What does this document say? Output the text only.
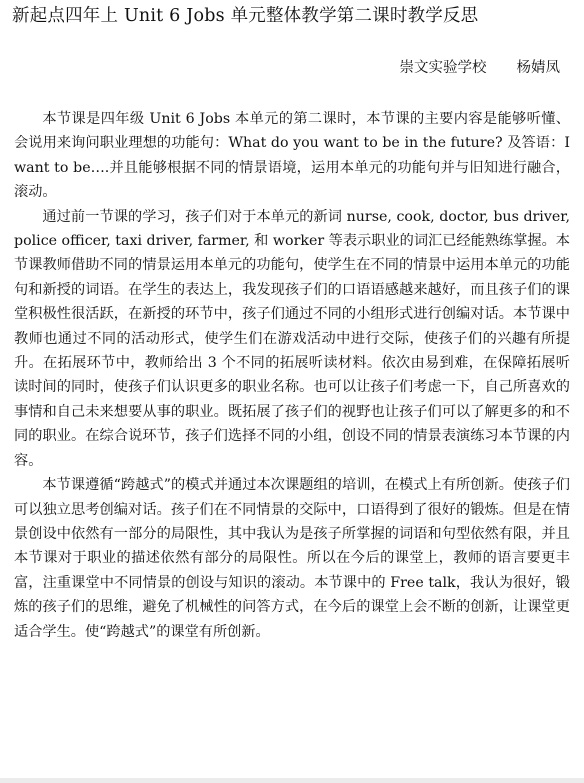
新起点四年上 Unit 6 Jobs 单元整体教学第二课时教学反思
崇文实验学校 杨婧凤

本节课是四年级 Unit 6 Jobs 本单元的第二课时，本节课的主要内容是能够听懂、会说用来询问职业理想的功能句：What do you want to be in the future? 及答语：I want to be….并且能够根据不同的情景语境，运用本单元的功能句并与旧知进行融合，滚动。

通过前一节课的学习，孩子们对于本单元的新词 nurse, cook, doctor, bus driver, police officer, taxi driver, farmer, 和 worker 等表示职业的词汇已经能熟练掌握。本节课教师借助不同的情景运用本单元的功能句，使学生在不同的情景中运用本单元的功能句和新授的词语。在学生的表达上，我发现孩子们的口语语感越来越好，而且孩子们的课堂积极性很活跃，在新授的环节中，孩子们通过不同的小组形式进行创编对话。本节课中教师也通过不同的活动形式，使学生们在游戏活动中进行交际，使孩子们的兴趣有所提升。在拓展环节中，教师给出 3 个不同的拓展听读材料。依次由易到难，在保障拓展听读时间的同时，使孩子们认识更多的职业名称。也可以让孩子们考虑一下，自己所喜欢的事情和自己未来想要从事的职业。既拓展了孩子们的视野也让孩子们可以了解更多的和不同的职业。在综合说环节，孩子们选择不同的小组，创设不同的情景表演练习本节课的内容。

本节课遵循“跨越式”的模式并通过本次课题组的培训，在模式上有所创新。使孩子们可以独立思考创编对话。孩子们在不同情景的交际中，口语得到了很好的锻炼。但是在情景创设中依然有一部分的局限性，其中我认为是孩子所掌握的词语和句型依然有限，并且本节课对于职业的描述依然有部分的局限性。所以在今后的课堂上，教师的语言要更丰富，注重课堂中不同情景的创设与知识的滚动。本节课中的 Free talk，我认为很好，锻炼的孩子们的思维，避免了机械性的问答方式，在今后的课堂上会不断的创新，让课堂更适合学生。使“跨越式”的课堂有所创新。
